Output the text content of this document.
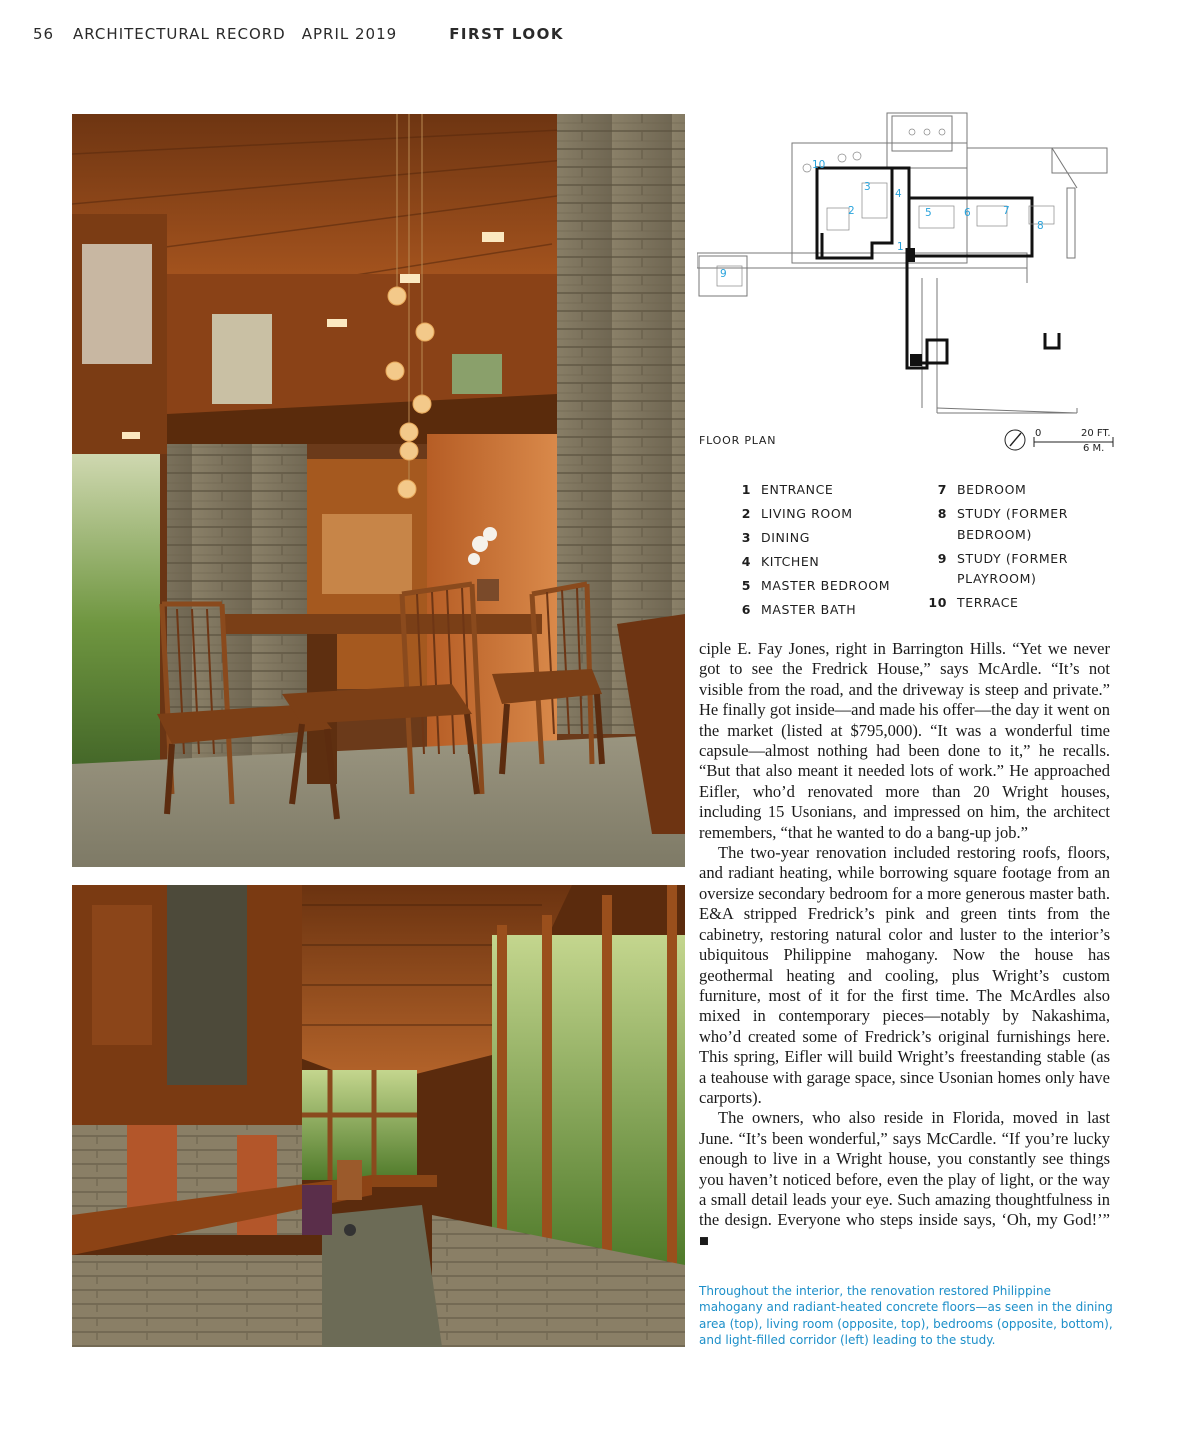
56 ARCHITECTURAL RECORD APRIL 2019	FIRST LOOK
1
2
3
4
5	6	7
8
9
10
FLOOR PLAN
0	20 FT.
6 M.
1 ENTRANCE
2 LIVING ROOM
3 DINING
4 KITCHEN
5 MASTER BEDROOM
6 MASTER BATH
7 BEDROOM
8 STUDY (FORMER BEDROOM)
9 STUDY (FORMER PLAYROOM)
10 TERRACE

ciple E. Fay Jones, right in Barrington Hills. “Yet we never got to see the Fredrick House,” says McArdle. “It’s not visible from the road, and the driveway is steep and private.” He finally got inside—and made his offer—the day it went on the market (listed at $795,000). “It was a wonderful time capsule—almost nothing had been done to it,” he recalls. “But that also meant it needed lots of work.” He approached Eifler, who’d renovated more than 20 Wright houses, including 15 Usonians, and impressed on him, the architect remembers, “that he wanted to do a bang-up job.”

The two-year renovation included restoring roofs, floors, and radiant heating, while borrowing square footage from an oversize secondary bedroom for a more generous master bath. E&A stripped Fredrick’s pink and green tints from the cabinetry, restoring natural color and luster to the interior’s ubiquitous Philippine mahogany. Now the house has geothermal heating and cooling, plus Wright’s custom furniture, most of it for the first time. The McArdles also mixed in contemporary pieces—notably by Nakashima, who’d created some of Fredrick’s original furnishings here. This spring, Eifler will build Wright’s freestanding stable (as a teahouse with garage space, since Usonian homes only have carports).

The owners, who also reside in Florida, moved in last June. “It’s been wonderful,” says McCardle. “If you’re lucky enough to live in a Wright house, you constantly see things you haven’t noticed before, even the play of light, or the way a small detail leads your eye. Such amazing thoughtfulness in the design. Everyone who steps inside says, ‘Oh, my God!’” ■

Throughout the interior, the renovation restored Philippine mahogany and radiant-heated concrete floors—as seen in the dining area (top), living room (opposite, top), bedrooms (opposite, bottom), and light-filled corridor (left) leading to the study.
